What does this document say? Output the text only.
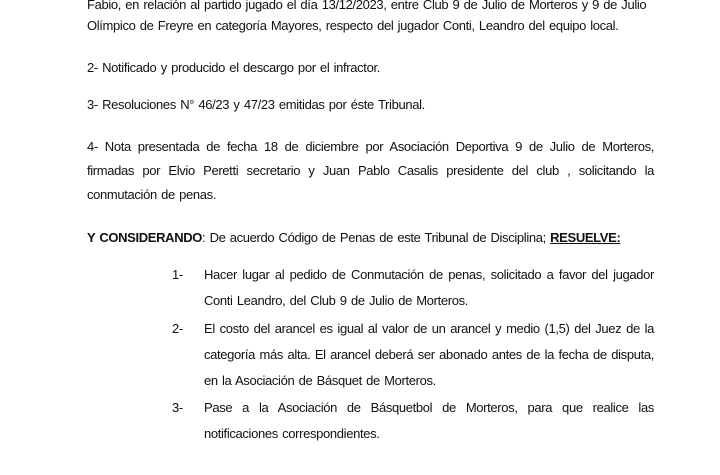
Fabio, en relación al partido jugado el día 13/12/2023, entre Club 9 de Julio de Morteros y 9 de Julio

Olímpico de Freyre en categoría Mayores, respecto del jugador Conti, Leandro del equipo local.

2- Notificado y producido el descargo por el infractor.

3- Resoluciones N° 46/23 y 47/23 emitidas por éste Tribunal.

4- Nota presentada de fecha 18 de diciembre por Asociación Deportiva 9 de Julio de Morteros, firmadas por Elvio Peretti secretario y Juan Pablo Casalis presidente del club , solicitando la conmutación de penas.

Y CONSIDERANDO: De acuerdo Código de Penas de este Tribunal de Disciplina; RESUELVE:

1-	Hacer lugar al pedido de Conmutación de penas, solicitado a favor del jugador Conti Leandro, del Club 9 de Julio de Morteros.
2-	El costo del arancel es igual al valor de un arancel y medio (1,5) del Juez de la categoría más alta. El arancel deberá ser abonado antes de la fecha de disputa, en la Asociación de Básquet de Morteros.
3-	Pase a la Asociación de Básquetbol de Morteros, para que realice las notificaciones correspondientes.
